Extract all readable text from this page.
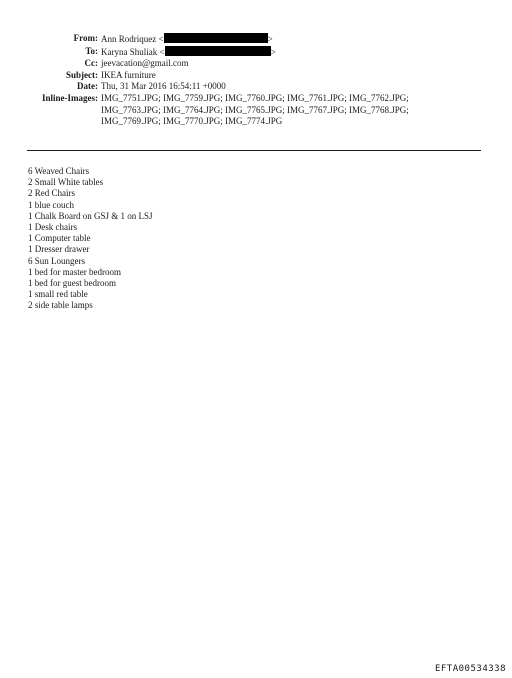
From: Ann Rodriquez <	>
To: Karyna Shuliak <	>
Cc: jeevacation@gmail.com
Subject: IKEA furniture
Date: Thu, 31 Mar 2016 16:54:11 +0000
Inline-Images: IMG_7751.JPG; IMG_7759.JPG; IMG_7760.JPG; IMG_7761.JPG; IMG_7762.JPG;
IMG_7763.JPG; IMG_7764.JPG; IMG_7765.JPG; IMG_7767.JPG; IMG_7768.JPG;
IMG_7769.JPG; IMG_7770.JPG; IMG_7774.JPG
6 Weaved Chairs
2 Small White tables
2 Red Chairs
1 blue couch
1 Chalk Board on GSJ & 1 on LSJ
1 Desk chairs
1 Computer table
1 Dresser drawer
6 Sun Loungers
1 bed for master bedroom
1 bed for guest bedroom
1 small red table
2 side table lamps
EFTA00534338
